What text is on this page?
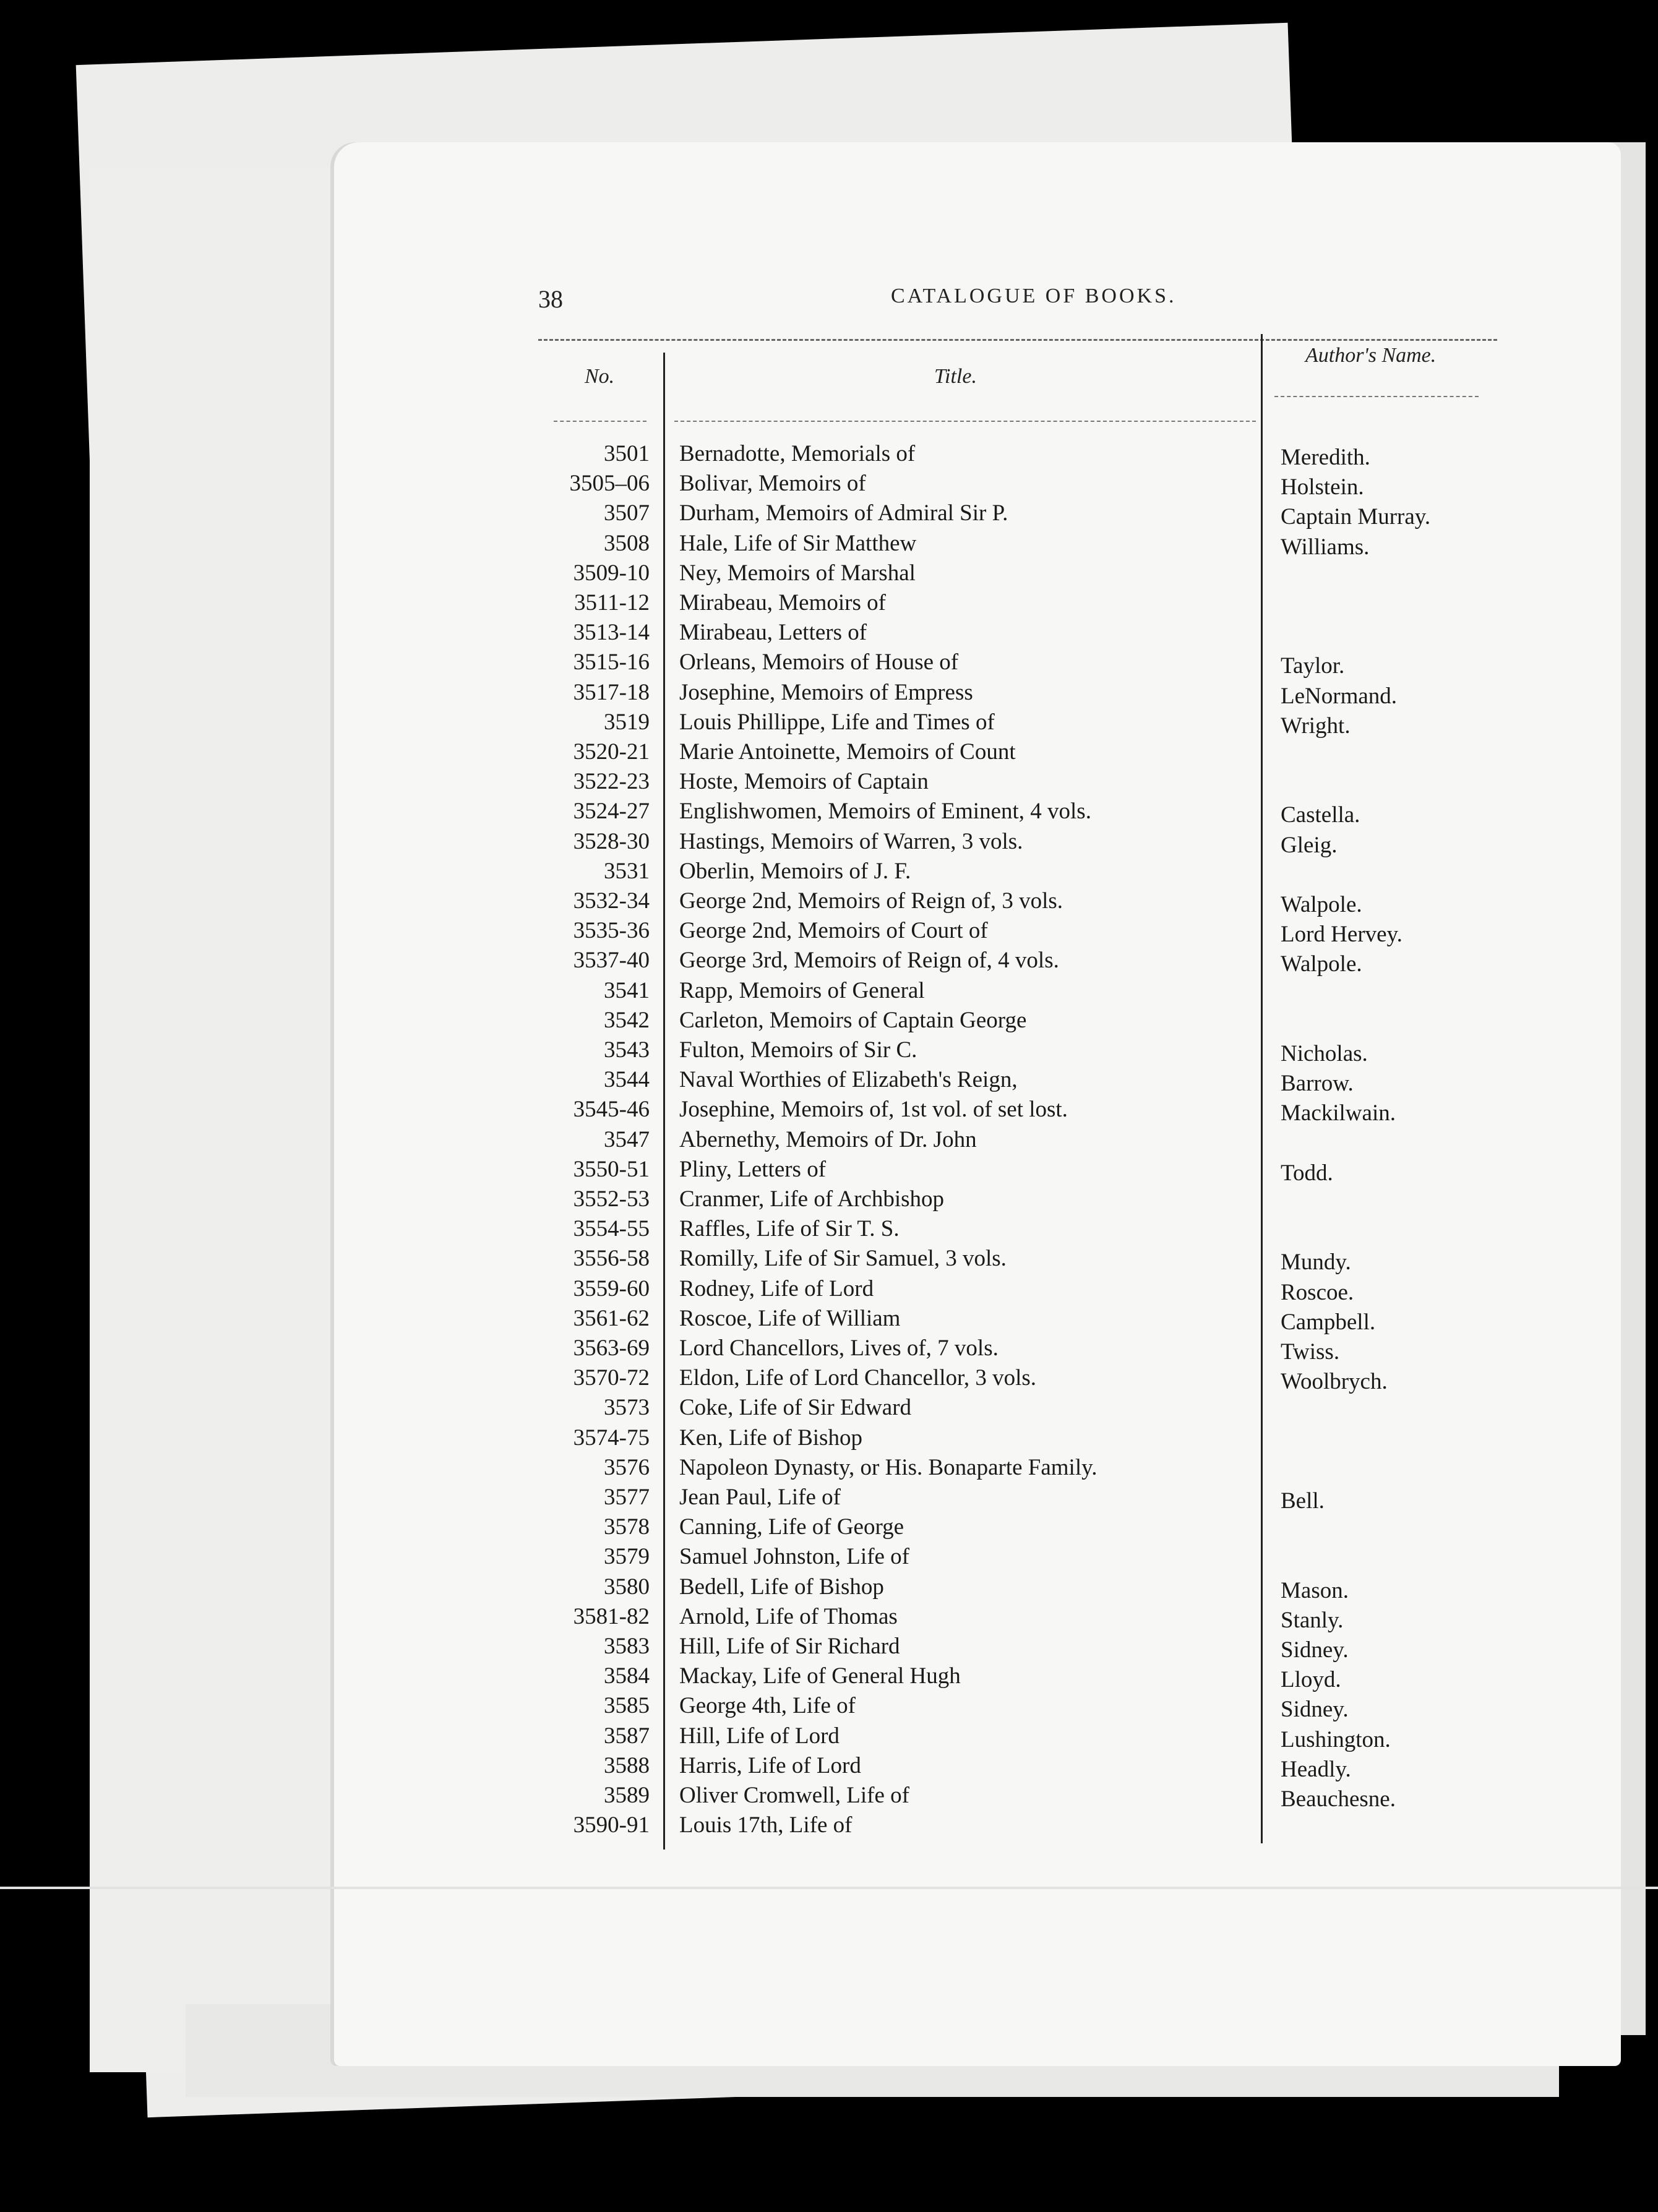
38	CATALOGUE OF BOOKS.
No.	Title.
Author's Name.
3501 Bernadotte, Memorials of
3505–06 Bolivar, Memoirs of
3507 Durham, Memoirs of Admiral Sir P.
3508 Hale, Life of Sir Matthew
3509-10 Ney, Memoirs of Marshal
3511-12 Mirabeau, Memoirs of
3513-14 Mirabeau, Letters of
3515-16 Orleans, Memoirs of House of
3517-18 Josephine, Memoirs of Empress
3519 Louis Phillippe, Life and Times of
3520-21 Marie Antoinette, Memoirs of Count
3522-23 Hoste, Memoirs of Captain
3524-27 Englishwomen, Memoirs of Eminent, 4 vols.
3528-30 Hastings, Memoirs of Warren, 3 vols.
3531 Oberlin, Memoirs of J. F.
3532-34 George 2nd, Memoirs of Reign of, 3 vols.
3535-36 George 2nd, Memoirs of Court of
3537-40 George 3rd, Memoirs of Reign of, 4 vols.
3541 Rapp, Memoirs of General
3542 Carleton, Memoirs of Captain George
3543 Fulton, Memoirs of Sir C.
3544 Naval Worthies of Elizabeth's Reign,
3545-46 Josephine, Memoirs of, 1st vol. of set lost.
3547 Abernethy, Memoirs of Dr. John
3550-51 Pliny, Letters of
3552-53 Cranmer, Life of Archbishop
3554-55 Raffles, Life of Sir T. S.
3556-58 Romilly, Life of Sir Samuel, 3 vols.
3559-60 Rodney, Life of Lord
3561-62 Roscoe, Life of William
3563-69 Lord Chancellors, Lives of, 7 vols.
3570-72 Eldon, Life of Lord Chancellor, 3 vols.
3573 Coke, Life of Sir Edward
3574-75 Ken, Life of Bishop
3576 Napoleon Dynasty, or His. Bonaparte Family.
3577 Jean Paul, Life of
3578 Canning, Life of George
3579 Samuel Johnston, Life of
3580 Bedell, Life of Bishop
3581-82 Arnold, Life of Thomas
3583 Hill, Life of Sir Richard
3584 Mackay, Life of General Hugh
3585 George 4th, Life of
3587 Hill, Life of Lord
3588 Harris, Life of Lord
3589 Oliver Cromwell, Life of
3590-91 Louis 17th, Life of
Meredith.
Holstein.
Captain Murray.
Williams.
Taylor.
LeNormand.
Wright.
Castella.
Gleig.
Walpole.
Lord Hervey.
Walpole.
Nicholas.
Barrow.
Mackilwain.
Todd.
Mundy.
Roscoe.
Campbell.
Twiss.
Woolbrych.
Bell.
Mason.
Stanly.
Sidney.
Lloyd.
Sidney.
Lushington.
Headly.
Beauchesne.
